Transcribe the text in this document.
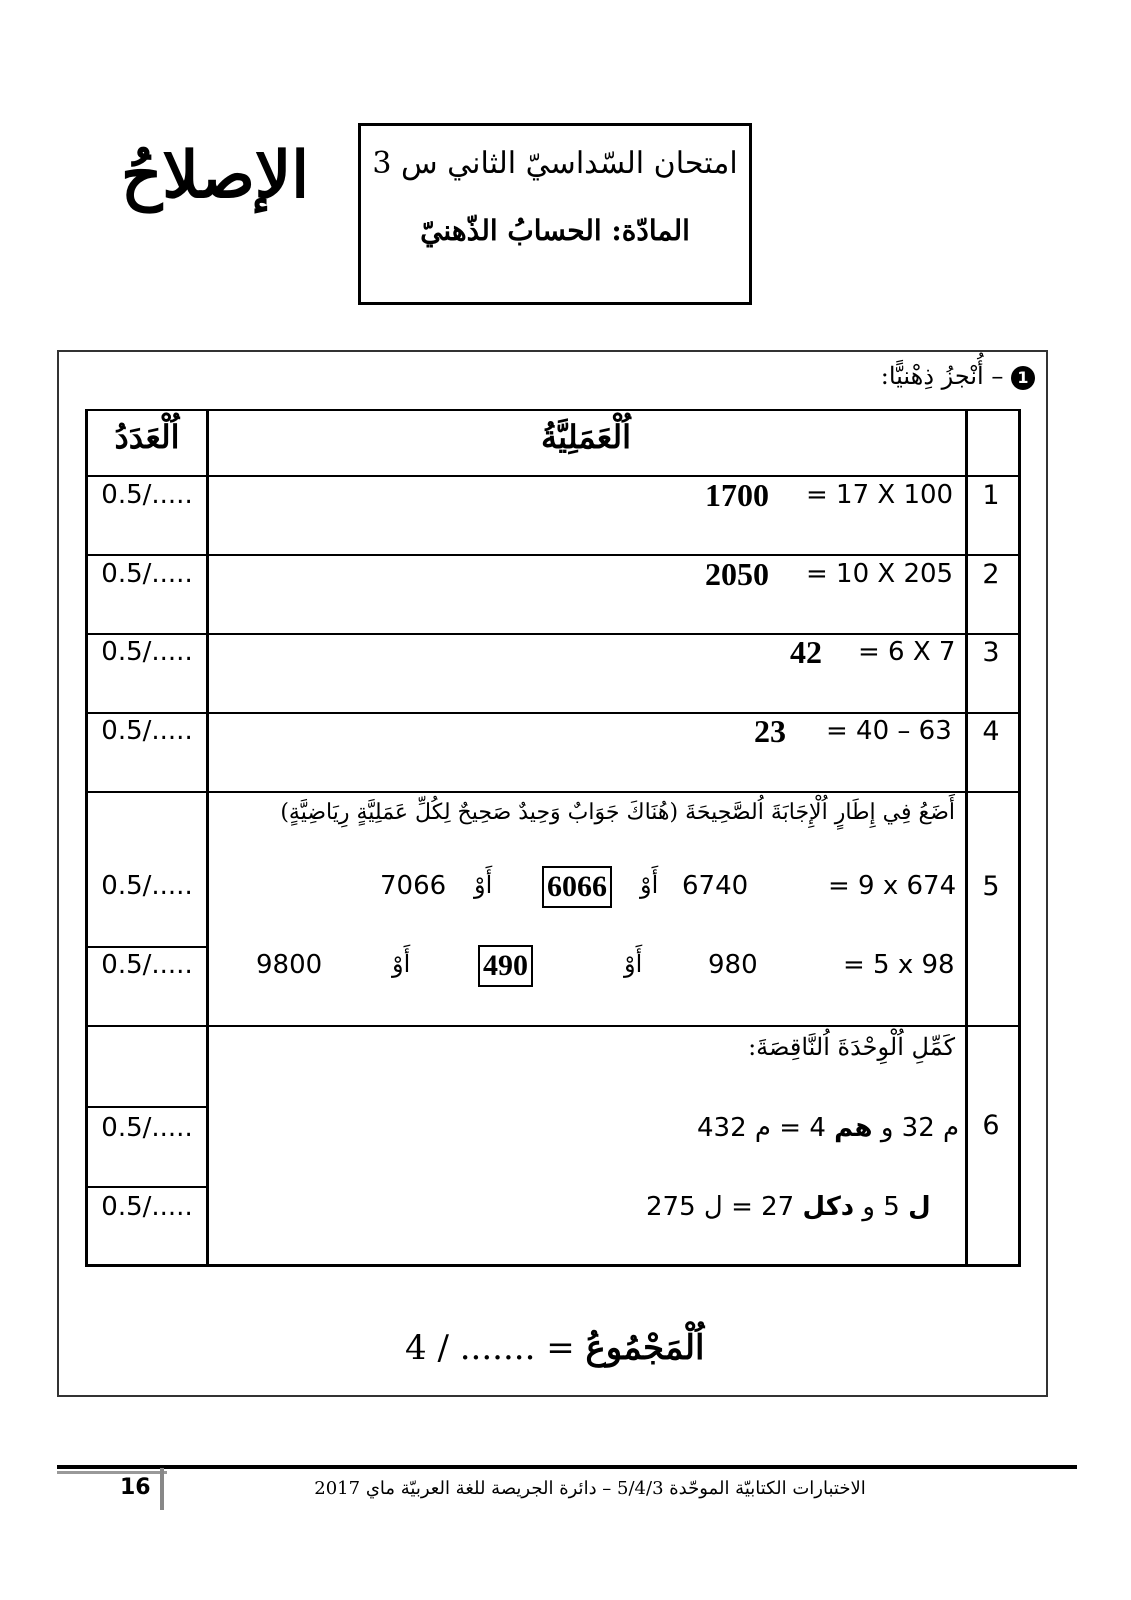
الإصلاحُ	امتحان السّداسيّ الثاني س 3
المادّة: الحسابُ الذّهنيّ
1 – أُنْجزُ ذِهْنيًّا:
اُلْعَمَلِيَّةُ
اُلْعَدَدُ
1
= 17 X 100
1700
0.5/.....
2
= 10 X 205
2050
0.5/.....
3
= 6 X 7
42
0.5/.....
4
= 40 – 63
23
0.5/.....
أَضَعُ فِي إِطَارٍ اُلْإِجَابَةَ اُلصَّحِيحَةَ (هُنَاكَ جَوَابٌ وَحِيدٌ صَحِيحٌ لِكُلِّ عَمَلِيَّةٍ رِيَاضِيَّةٍ)
5
= 9 x 674
6740
أَوْ
6066
أَوْ
7066
0.5/.....
= 5 x 98
980
أَوْ
490
أَوْ
9800
0.5/.....
كَمِّلِ اُلْوِحْدَةَ اُلنَّاقِصَةَ:
6
م 32 و هم 4 = م 432
0.5/.....
ل 5 و دكل 27 = ل 275
0.5/.....
4 / ....... = اُلْمَجْمُوعُ
16	الاختبارات الكتابيّة الموحّدة 5/4/3 – دائرة الجريصة للغة العربيّة ماي 2017
